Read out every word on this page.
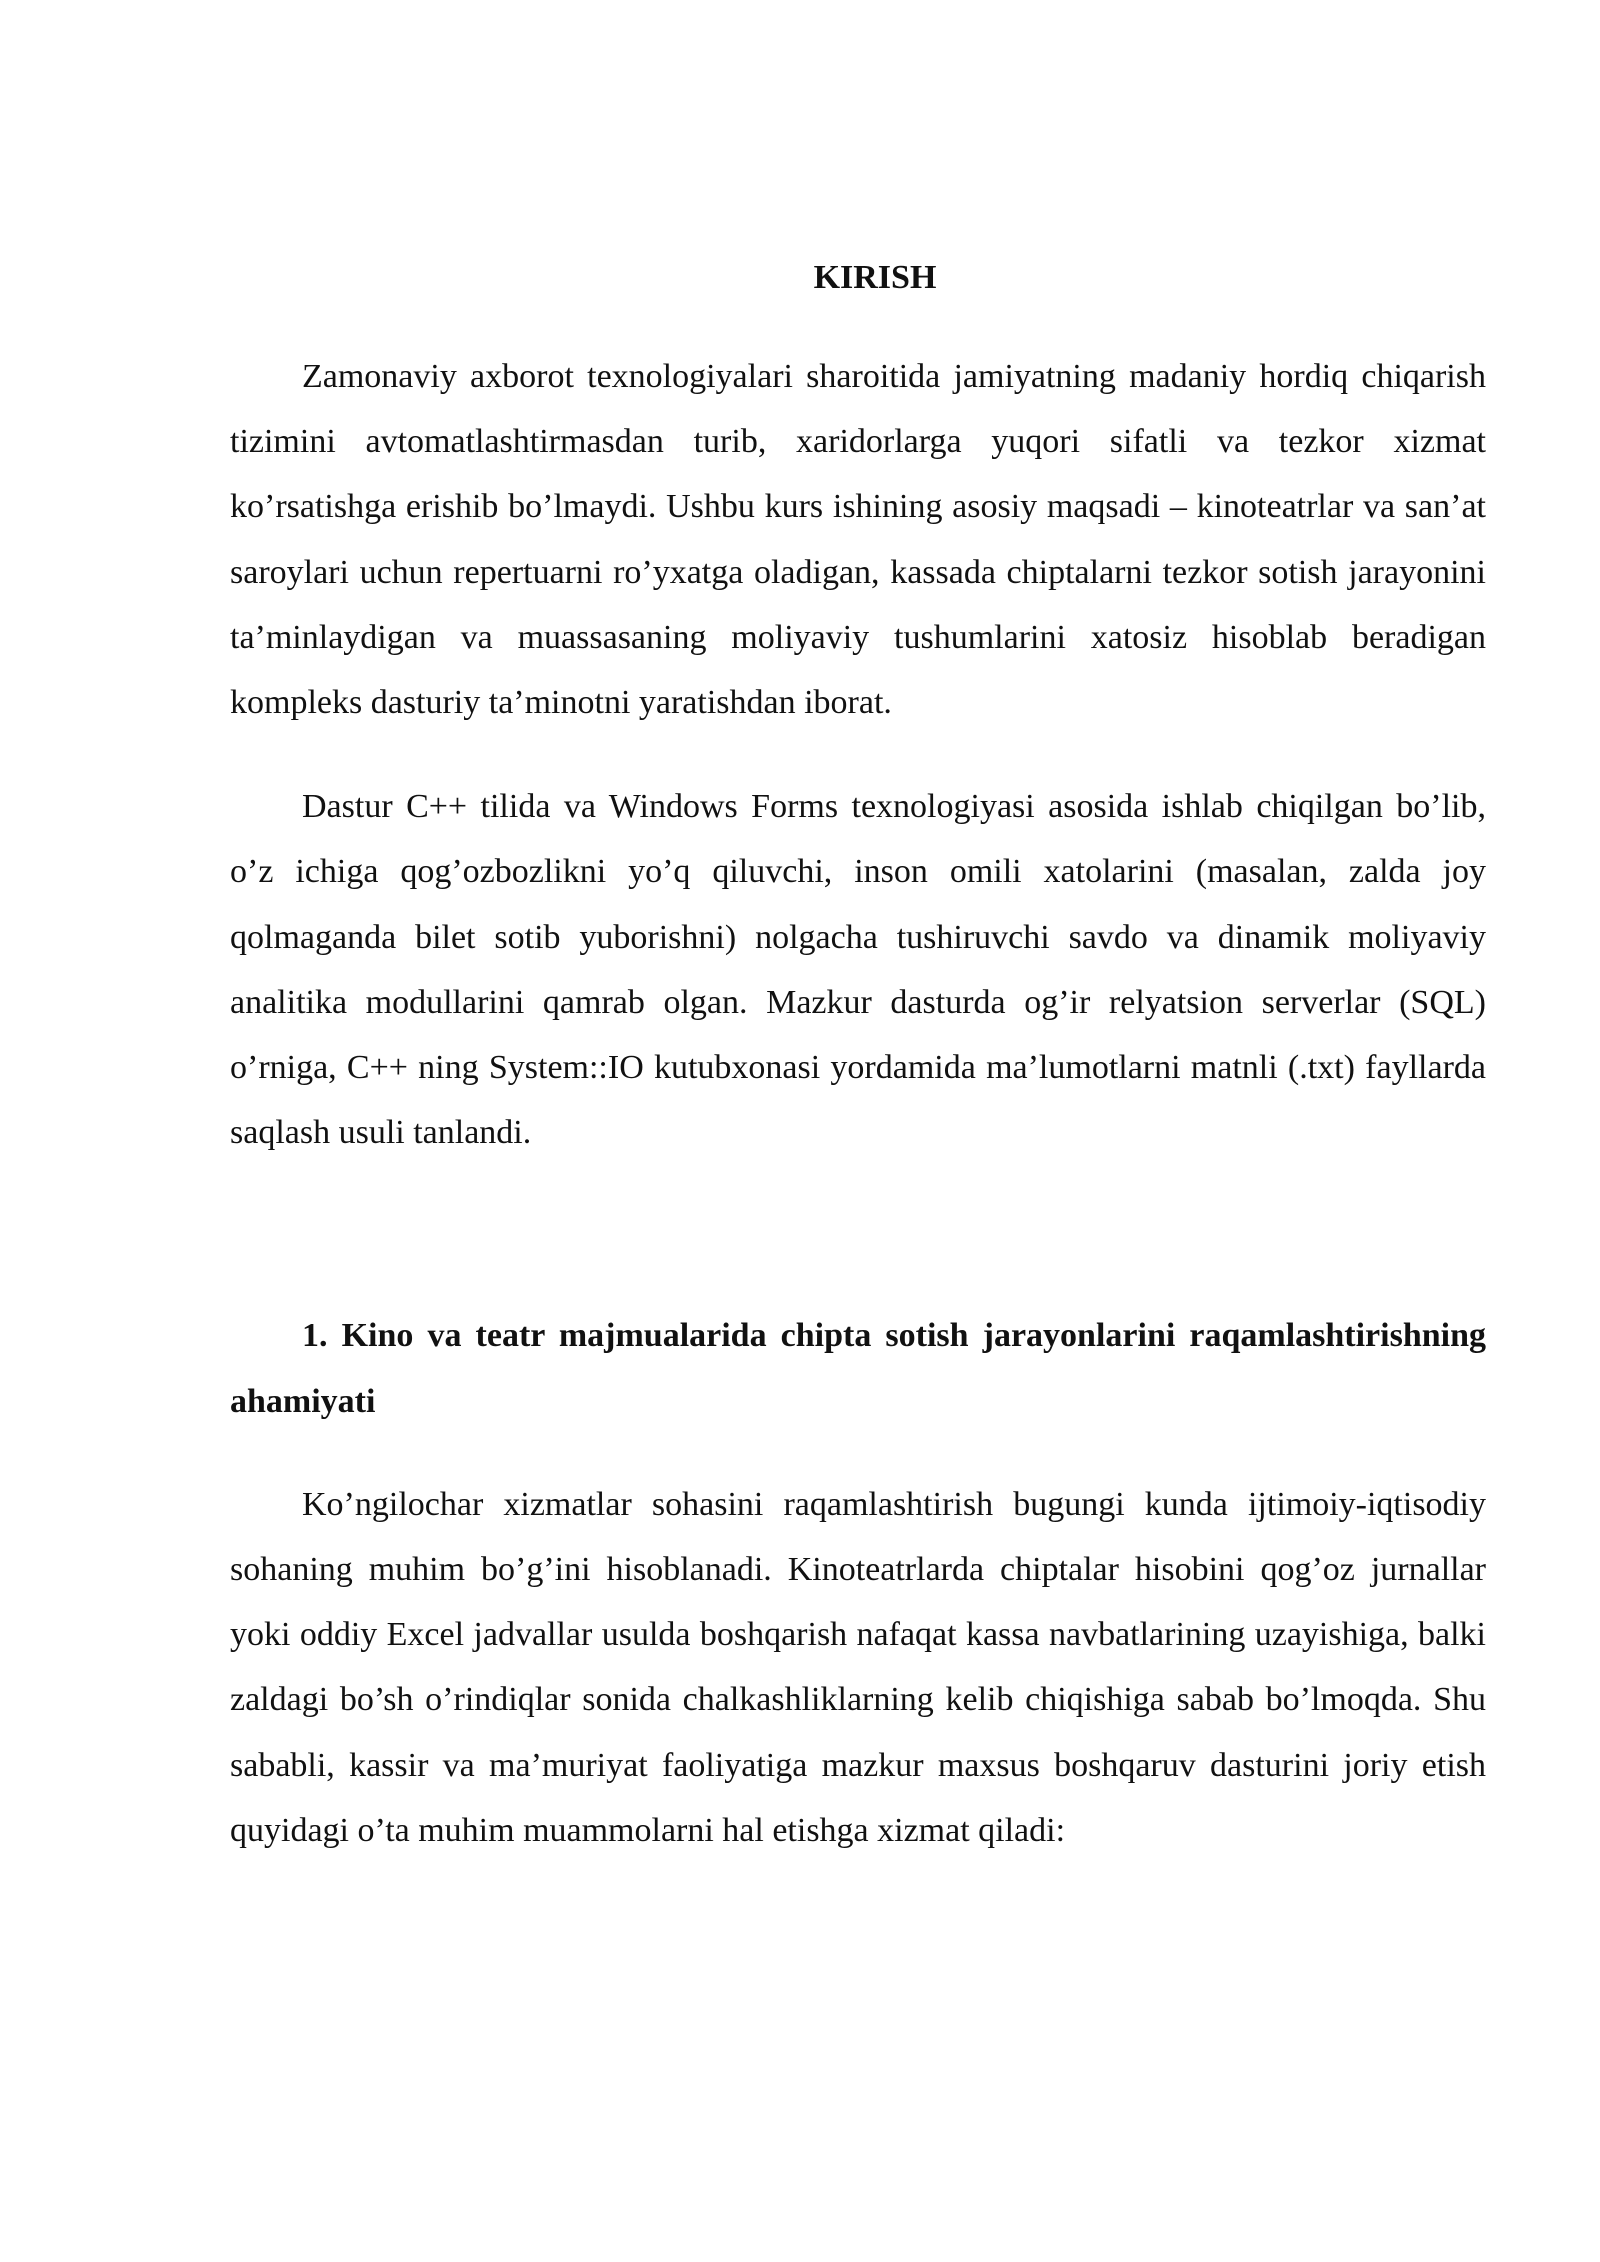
KIRISH

Zamonaviy axborot texnologiyalari sharoitida jamiyatning madaniy hordiq chiqarish tizimini avtomatlashtirmasdan turib, xaridorlarga yuqori sifatli va tezkor xizmat ko’rsatishga erishib bo’lmaydi. Ushbu kurs ishining asosiy maqsadi – kinoteatrlar va san’at saroylari uchun repertuarni ro’yxatga oladigan, kassada chiptalarni tezkor sotish jarayonini ta’minlaydigan va muassasaning moliyaviy tushumlarini xatosiz hisoblab beradigan kompleks dasturiy ta’minotni yaratishdan iborat.

Dastur C++ tilida va Windows Forms texnologiyasi asosida ishlab chiqilgan bo’lib, o’z ichiga qog’ozbozlikni yo’q qiluvchi, inson omili xatolarini (masalan, zalda joy qolmaganda bilet sotib yuborishni) nolgacha tushiruvchi savdo va dinamik moliyaviy analitika modullarini qamrab olgan. Mazkur dasturda og’ir relyatsion serverlar (SQL) o’rniga, C++ ning System::IO kutubxonasi yordamida ma’lumotlarni matnli (.txt) fayllarda saqlash usuli tanlandi.

1. Kino va teatr majmualarida chipta sotish jarayonlarini raqamlashtirishning ahamiyati

Ko’ngilochar xizmatlar sohasini raqamlashtirish bugungi kunda ijtimoiy-iqtisodiy sohaning muhim bo’g’ini hisoblanadi. Kinoteatrlarda chiptalar hisobini qog’oz jurnallar yoki oddiy Excel jadvallar usulda boshqarish nafaqat kassa navbatlarining uzayishiga, balki zaldagi bo’sh o’rindiqlar sonida chalkashliklarning kelib chiqishiga sabab bo’lmoqda. Shu sababli, kassir va ma’muriyat faoliyatiga mazkur maxsus boshqaruv dasturini joriy etish quyidagi o’ta muhim muammolarni hal etishga xizmat qiladi:
